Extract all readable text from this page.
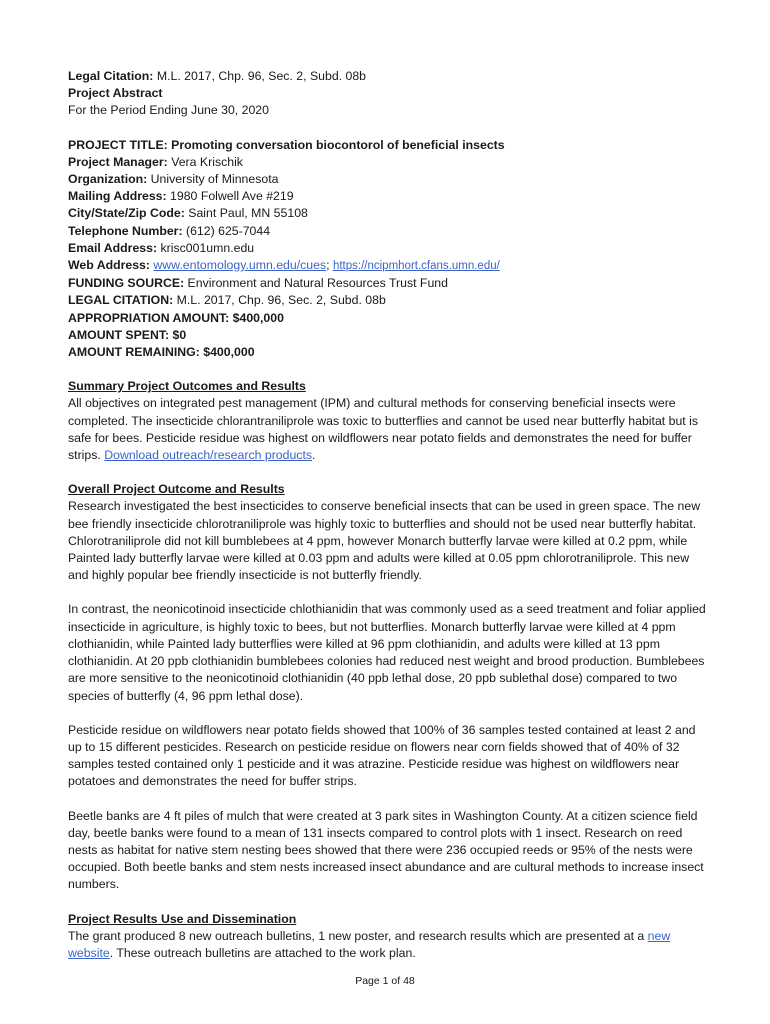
Legal Citation: M.L. 2017, Chp. 96, Sec. 2, Subd. 08b
Project Abstract
For the Period Ending June 30, 2020
PROJECT TITLE: Promoting conversation biocontorol of beneficial insects
Project Manager: Vera Krischik
Organization: University of Minnesota
Mailing Address: 1980 Folwell Ave #219
City/State/Zip Code: Saint Paul, MN 55108
Telephone Number: (612) 625-7044
Email Address: krisc001umn.edu
Web Address: www.entomology.umn.edu/cues; https://ncipmhort.cfans.umn.edu/
FUNDING SOURCE: Environment and Natural Resources Trust Fund
LEGAL CITATION: M.L. 2017, Chp. 96, Sec. 2, Subd. 08b
APPROPRIATION AMOUNT: $400,000
AMOUNT SPENT: $0
AMOUNT REMAINING: $400,000
Summary Project Outcomes and Results
All objectives on integrated pest management (IPM) and cultural methods for conserving beneficial insects were completed. The insecticide chlorantraniliprole was toxic to butterflies and cannot be used near butterfly habitat but is safe for bees. Pesticide residue was highest on wildflowers near potato fields and demonstrates the need for buffer strips. Download outreach/research products.
Overall Project Outcome and Results
Research investigated the best insecticides to conserve beneficial insects that can be used in green space. The new bee friendly insecticide chlorotraniliprole was highly toxic to butterflies and should not be used near butterfly habitat. Chlorotraniliprole did not kill bumblebees at 4 ppm, however Monarch butterfly larvae were killed at 0.2 ppm, while Painted lady butterfly larvae were killed at 0.03 ppm and adults were killed at 0.05 ppm chlorotraniliprole. This new and highly popular bee friendly insecticide is not butterfly friendly.
In contrast, the neonicotinoid insecticide chlothianidin that was commonly used as a seed treatment and foliar applied insecticide in agriculture, is highly toxic to bees, but not butterflies. Monarch butterfly larvae were killed at 4 ppm clothianidin, while Painted lady butterflies were killed at 96 ppm clothianidin, and adults were killed at 13 ppm clothianidin. At 20 ppb clothianidin bumblebees colonies had reduced nest weight and brood production. Bumblebees are more sensitive to the neonicotinoid clothianidin (40 ppb lethal dose, 20 ppb sublethal dose) compared to two species of butterfly (4, 96 ppm lethal dose).
Pesticide residue on wildflowers near potato fields showed that 100% of 36 samples tested contained at least 2 and up to 15 different pesticides. Research on pesticide residue on flowers near corn fields showed that of 40% of 32 samples tested contained only 1 pesticide and it was atrazine. Pesticide residue was highest on wildflowers near potatoes and demonstrates the need for buffer strips.
Beetle banks are 4 ft piles of mulch that were created at 3 park sites in Washington County. At a citizen science field day, beetle banks were found to a mean of 131 insects compared to control plots with 1 insect. Research on reed nests as habitat for native stem nesting bees showed that there were 236 occupied reeds or 95% of the nests were occupied. Both beetle banks and stem nests increased insect abundance and are cultural methods to increase insect numbers.
Project Results Use and Dissemination
The grant produced 8 new outreach bulletins, 1 new poster, and research results which are presented at a new website. These outreach bulletins are attached to the work plan.
Page 1 of 48
